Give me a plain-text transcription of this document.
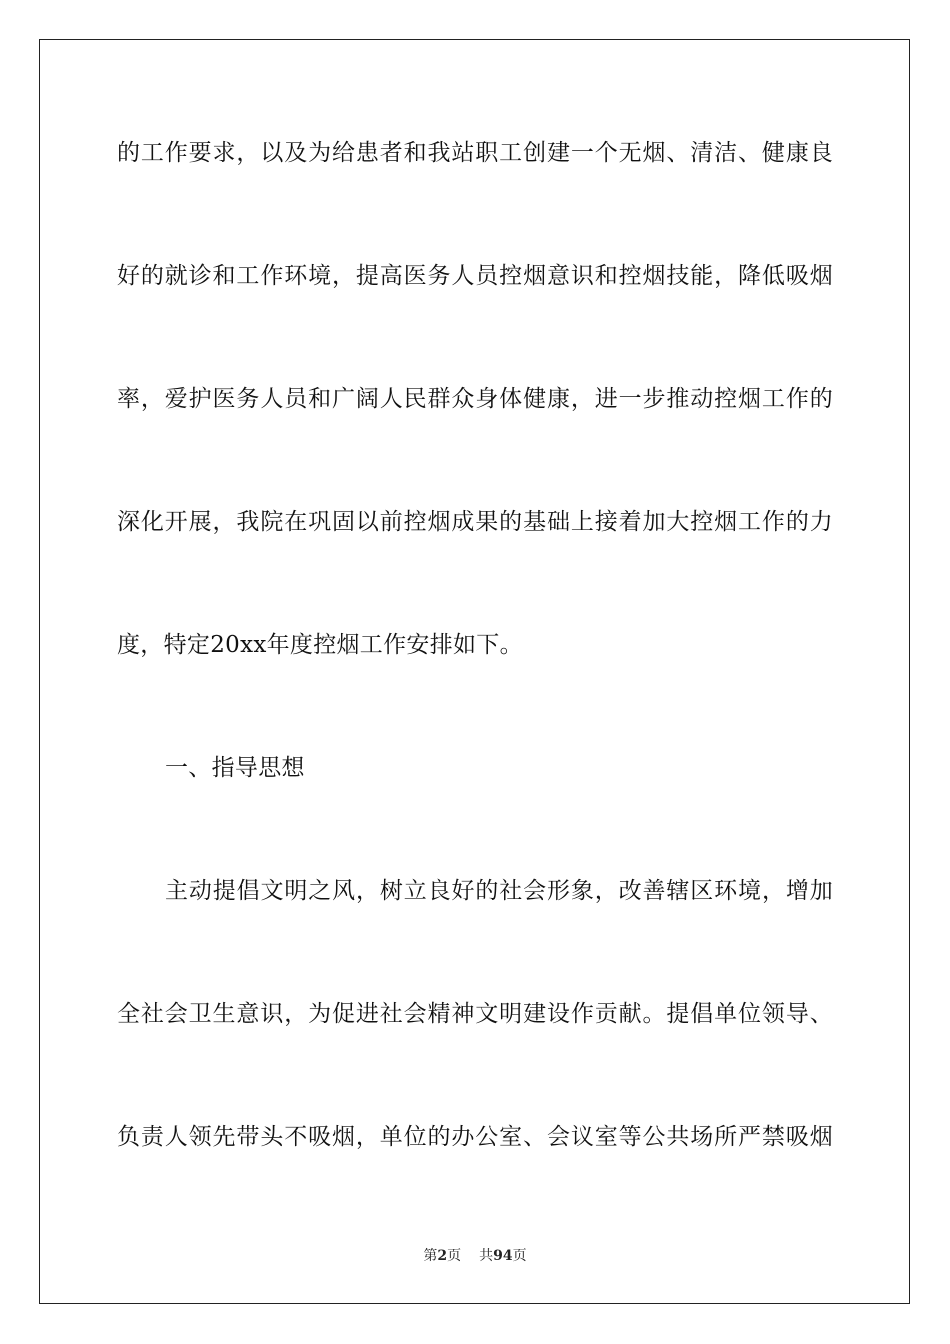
的工作要求，以及为给患者和我站职工创建一个无烟、清洁、健康良
好的就诊和工作环境，提高医务人员控烟意识和控烟技能，降低吸烟
率，爱护医务人员和广阔人民群众身体健康，进一步推动控烟工作的
深化开展，我院在巩固以前控烟成果的基础上接着加大控烟工作的力
度，特定20xx年度控烟工作安排如下。
一、指导思想
主动提倡文明之风，树立良好的社会形象，改善辖区环境，增加
全社会卫生意识，为促进社会精神文明建设作贡献。提倡单位领导、
负责人领先带头不吸烟，单位的办公室、会议室等公共场所严禁吸烟
第2页 共94页
